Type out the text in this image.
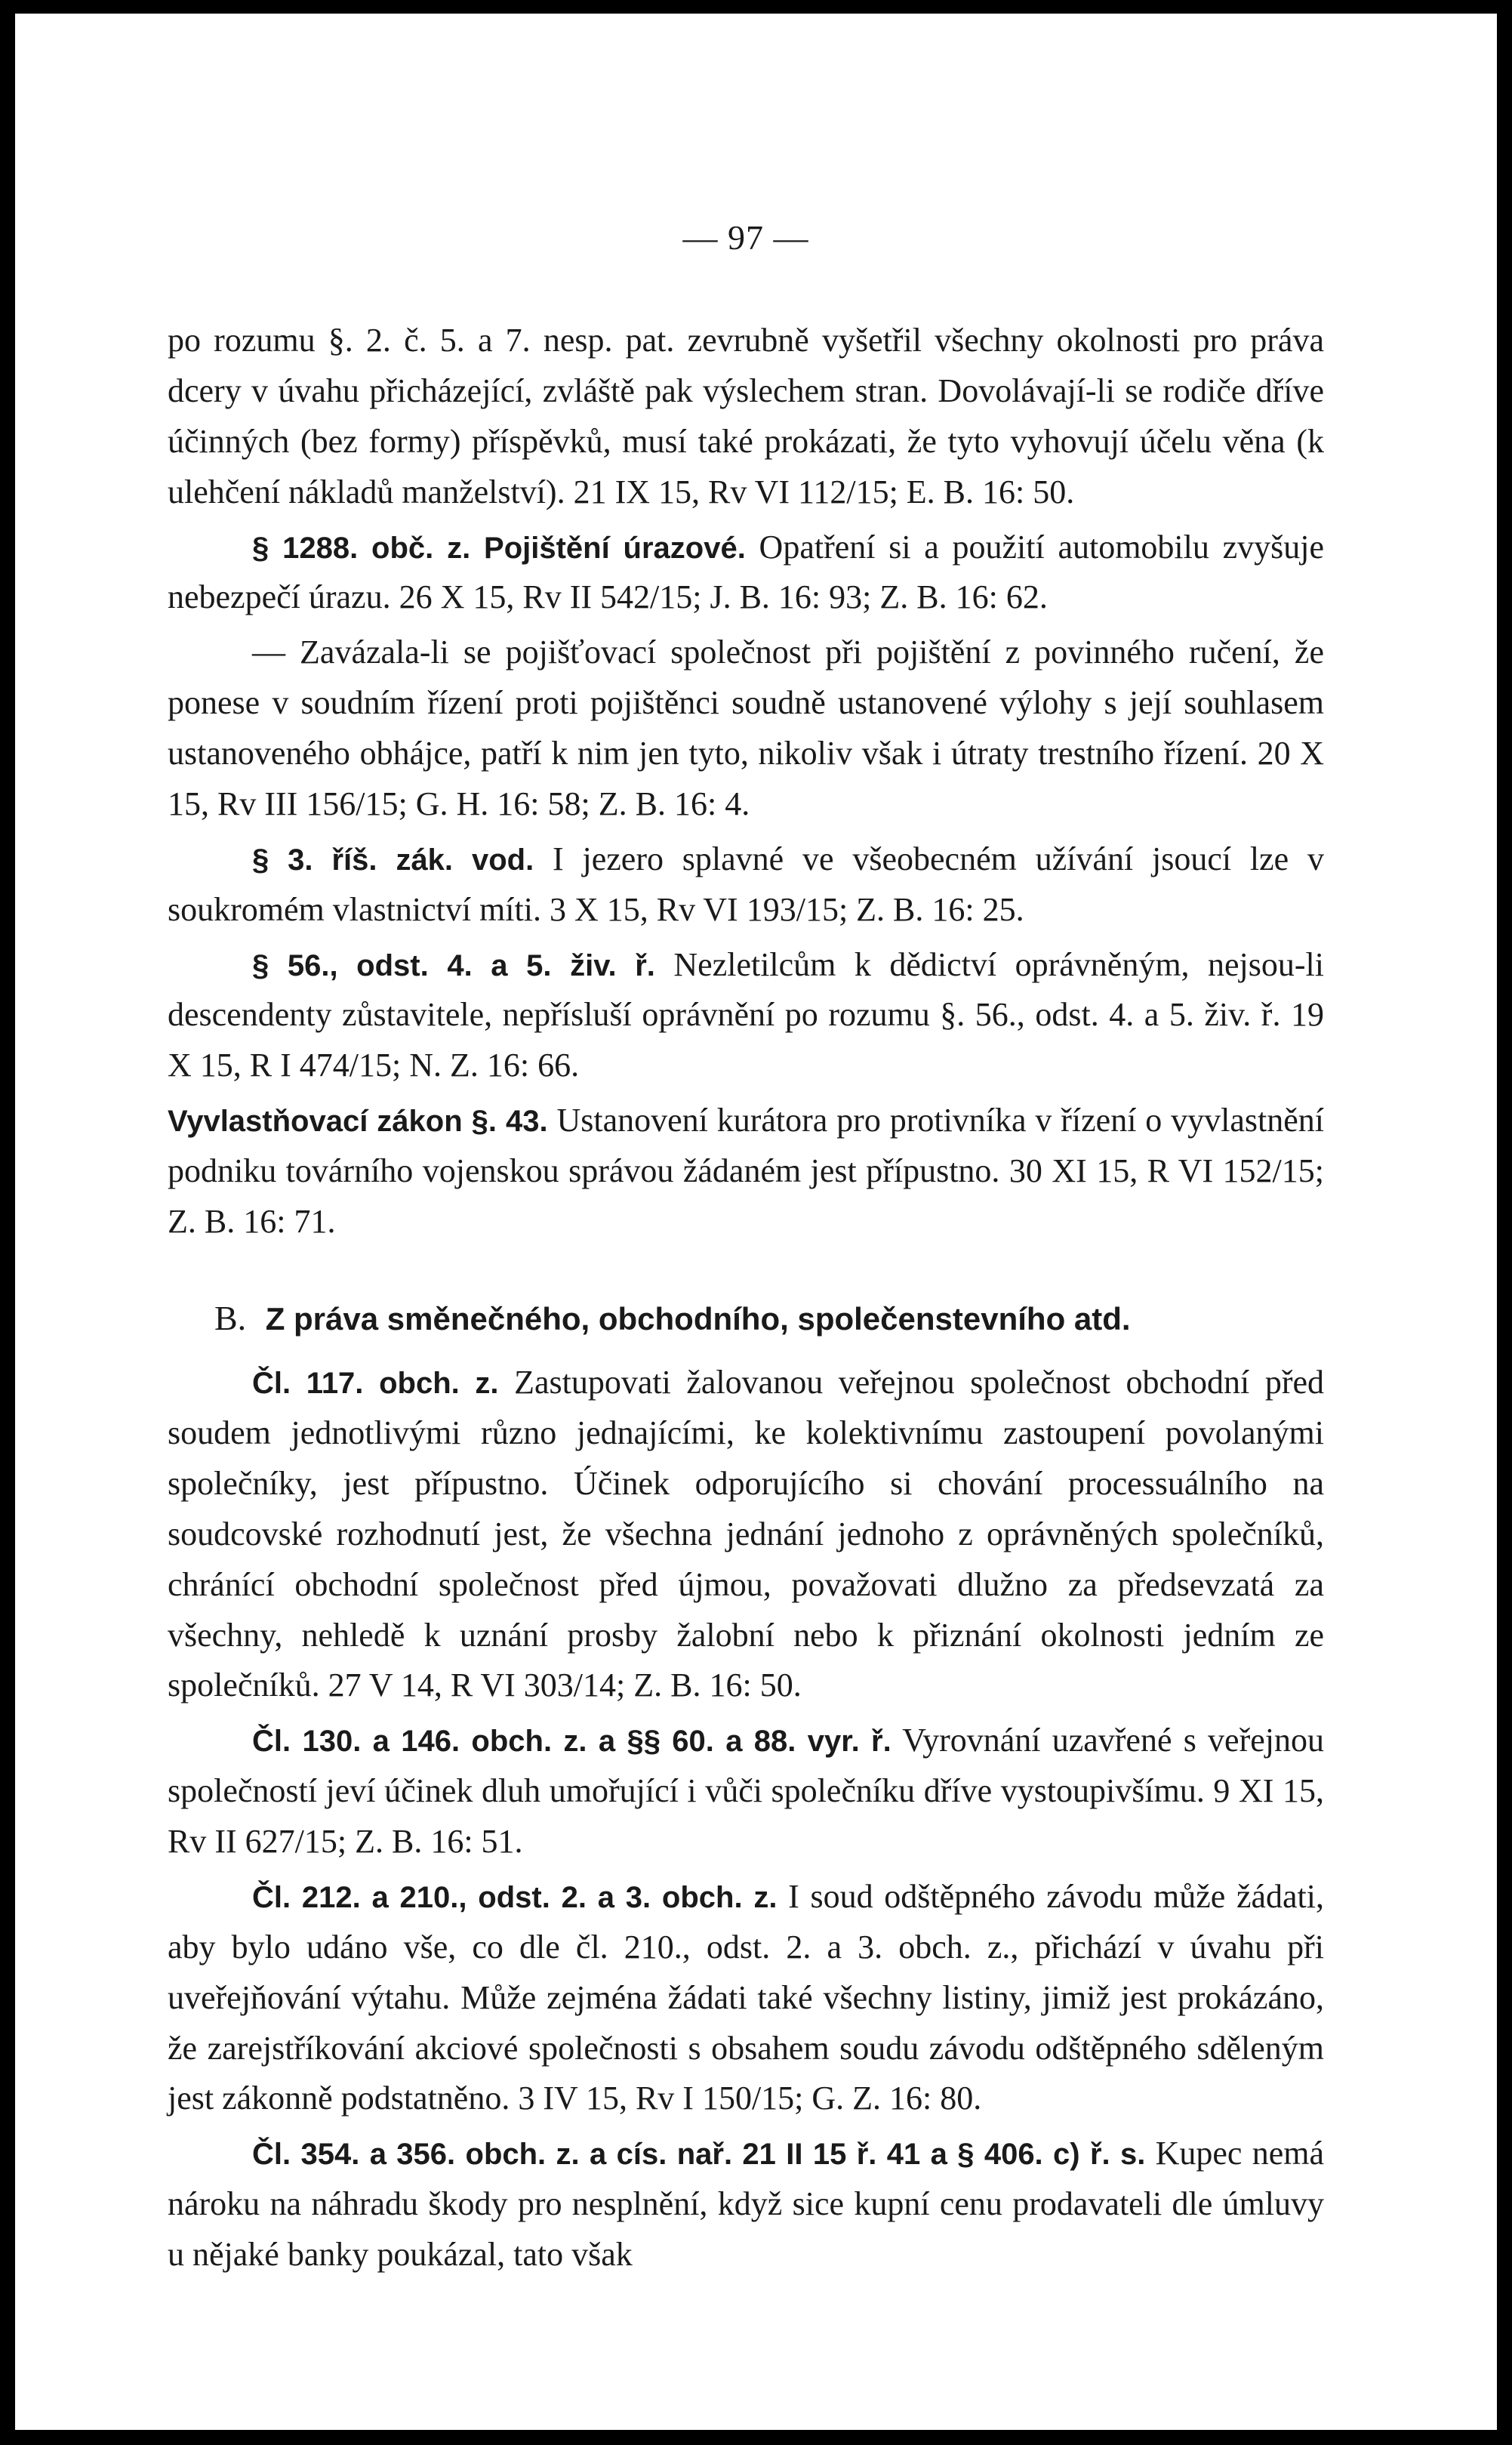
— 97 —

po rozumu §. 2. č. 5. a 7. nesp. pat. zevrubně vyšetřil všechny okolnosti pro práva dcery v úvahu přicházející, zvláště pak výslechem stran. Dovolávají-li se rodiče dříve účinných (bez formy) příspěvků, musí také prokázati, že tyto vyhovují účelu věna (k ulehčení nákladů manželství). 21 IX 15, Rv VI 112/15; E. B. 16: 50.

§ 1288. obč. z. Pojištění úrazové. Opatření si a použití automobilu zvyšuje nebezpečí úrazu. 26 X 15, Rv II 542/15; J. B. 16: 93; Z. B. 16: 62.

— Zavázala-li se pojišťovací společnost při pojištění z povinného ručení, že ponese v soudním řízení proti pojištěnci soudně ustanovené výlohy s její souhlasem ustanoveného obhájce, patří k nim jen tyto, nikoliv však i útraty trestního řízení. 20 X 15, Rv III 156/15; G. H. 16: 58; Z. B. 16: 4.

§ 3. říš. zák. vod. I jezero splavné ve všeobecném užívání jsoucí lze v soukromém vlastnictví míti. 3 X 15, Rv VI 193/15; Z. B. 16: 25.

§ 56., odst. 4. a 5. živ. ř. Nezletilcům k dědictví oprávněným, nejsou-li descendenty zůstavitele, nepřísluší oprávnění po rozumu §. 56., odst. 4. a 5. živ. ř. 19 X 15, R I 474/15; N. Z. 16: 66.

Vyvlastňovací zákon §. 43. Ustanovení kurátora pro protivníka v řízení o vyvlastnění podniku továrního vojenskou správou žádaném jest přípustno. 30 XI 15, R VI 152/15; Z. B. 16: 71.

B. Z práva směnečného, obchodního, společenstevního atd.

Čl. 117. obch. z. Zastupovati žalovanou veřejnou společnost obchodní před soudem jednotlivými různo jednajícími, ke kolektivnímu zastoupení povolanými společníky, jest přípustno. Účinek odporujícího si chování processuálního na soudcovské rozhodnutí jest, že všechna jednání jednoho z oprávněných společníků, chránící obchodní společnost před újmou, považovati dlužno za předsevzatá za všechny, nehledě k uznání prosby žalobní nebo k přiznání okolnosti jedním ze společníků. 27 V 14, R VI 303/14; Z. B. 16: 50.

Čl. 130. a 146. obch. z. a §§ 60. a 88. vyr. ř. Vyrovnání uzavřené s veřejnou společností jeví účinek dluh umořující i vůči společníku dříve vystoupivšímu. 9 XI 15, Rv II 627/15; Z. B. 16: 51.

Čl. 212. a 210., odst. 2. a 3. obch. z. I soud odštěpného závodu může žádati, aby bylo udáno vše, co dle čl. 210., odst. 2. a 3. obch. z., přichází v úvahu při uveřejňování výtahu. Může zejména žádati také všechny listiny, jimiž jest prokázáno, že zarejstříkování akciové společnosti s obsahem soudu závodu odštěpného sděleným jest zákonně podstatněno. 3 IV 15, Rv I 150/15; G. Z. 16: 80.

Čl. 354. a 356. obch. z. a cís. nař. 21 II 15 ř. 41 a § 406. c) ř. s. Kupec nemá nároku na náhradu škody pro nesplnění, když sice kupní cenu prodavateli dle úmluvy u nějaké banky poukázal, tato však
